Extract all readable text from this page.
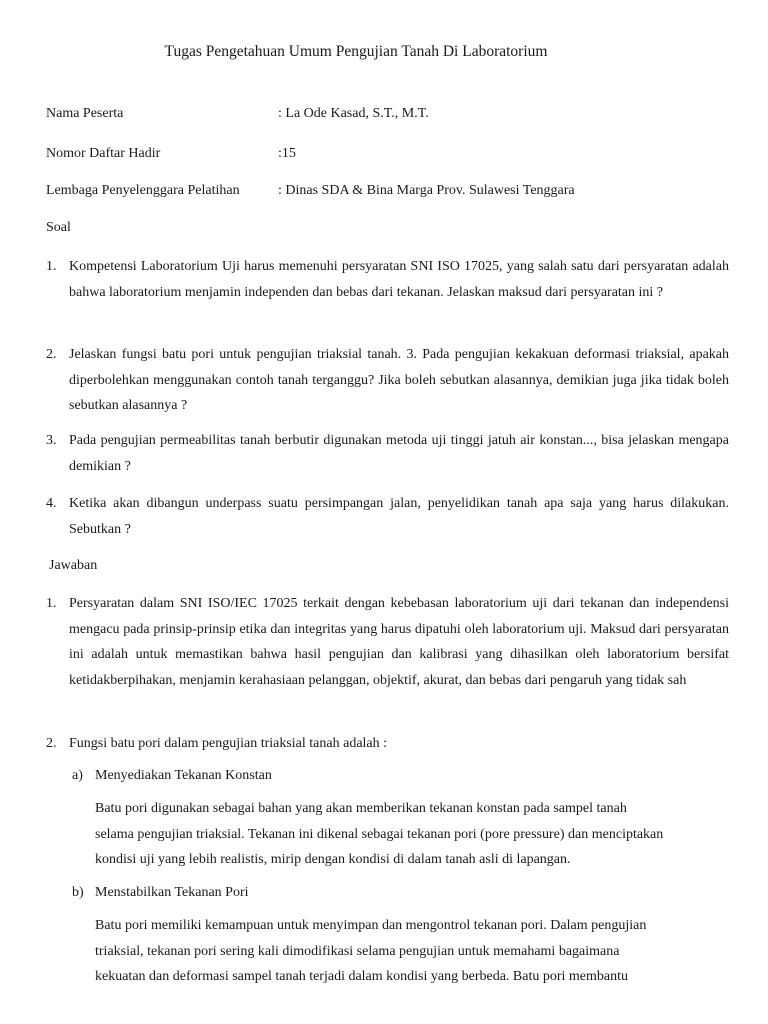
Tugas Pengetahuan Umum Pengujian Tanah Di Laboratorium
Nama Peserta	: La Ode Kasad, S.T., M.T.
Nomor Daftar Hadir	:15
Lembaga Penyelenggara Pelatihan	: Dinas SDA & Bina Marga Prov. Sulawesi Tenggara
Soal
1. Kompetensi Laboratorium Uji harus memenuhi persyaratan SNI ISO 17025, yang salah satu dari persyaratan adalah bahwa laboratorium menjamin independen dan bebas dari tekanan. Jelaskan maksud dari persyaratan ini ?
2. Jelaskan fungsi batu pori untuk pengujian triaksial tanah. 3. Pada pengujian kekakuan deformasi triaksial, apakah diperbolehkan menggunakan contoh tanah terganggu? Jika boleh sebutkan alasannya, demikian juga jika tidak boleh sebutkan alasannya ?
3. Pada pengujian permeabilitas tanah berbutir digunakan metoda uji tinggi jatuh air konstan..., bisa jelaskan mengapa demikian ?
4. Ketika akan dibangun underpass suatu persimpangan jalan, penyelidikan tanah apa saja yang harus dilakukan. Sebutkan ?
Jawaban
1. Persyaratan dalam SNI ISO/IEC 17025 terkait dengan kebebasan laboratorium uji dari tekanan dan independensi mengacu pada prinsip-prinsip etika dan integritas yang harus dipatuhi oleh laboratorium uji. Maksud dari persyaratan ini adalah untuk memastikan bahwa hasil pengujian dan kalibrasi yang dihasilkan oleh laboratorium bersifat ketidakberpihakan, menjamin kerahasiaan pelanggan, objektif, akurat, dan bebas dari pengaruh yang tidak sah
2. Fungsi batu pori dalam pengujian triaksial tanah adalah :
a) Menyediakan Tekanan Konstan
Batu pori digunakan sebagai bahan yang akan memberikan tekanan konstan pada sampel tanah
selama pengujian triaksial. Tekanan ini dikenal sebagai tekanan pori (pore pressure) dan menciptakan
kondisi uji yang lebih realistis, mirip dengan kondisi di dalam tanah asli di lapangan.
b) Menstabilkan Tekanan Pori
Batu pori memiliki kemampuan untuk menyimpan dan mengontrol tekanan pori. Dalam pengujian
triaksial, tekanan pori sering kali dimodifikasi selama pengujian untuk memahami bagaimana
kekuatan dan deformasi sampel tanah terjadi dalam kondisi yang berbeda. Batu pori membantu
